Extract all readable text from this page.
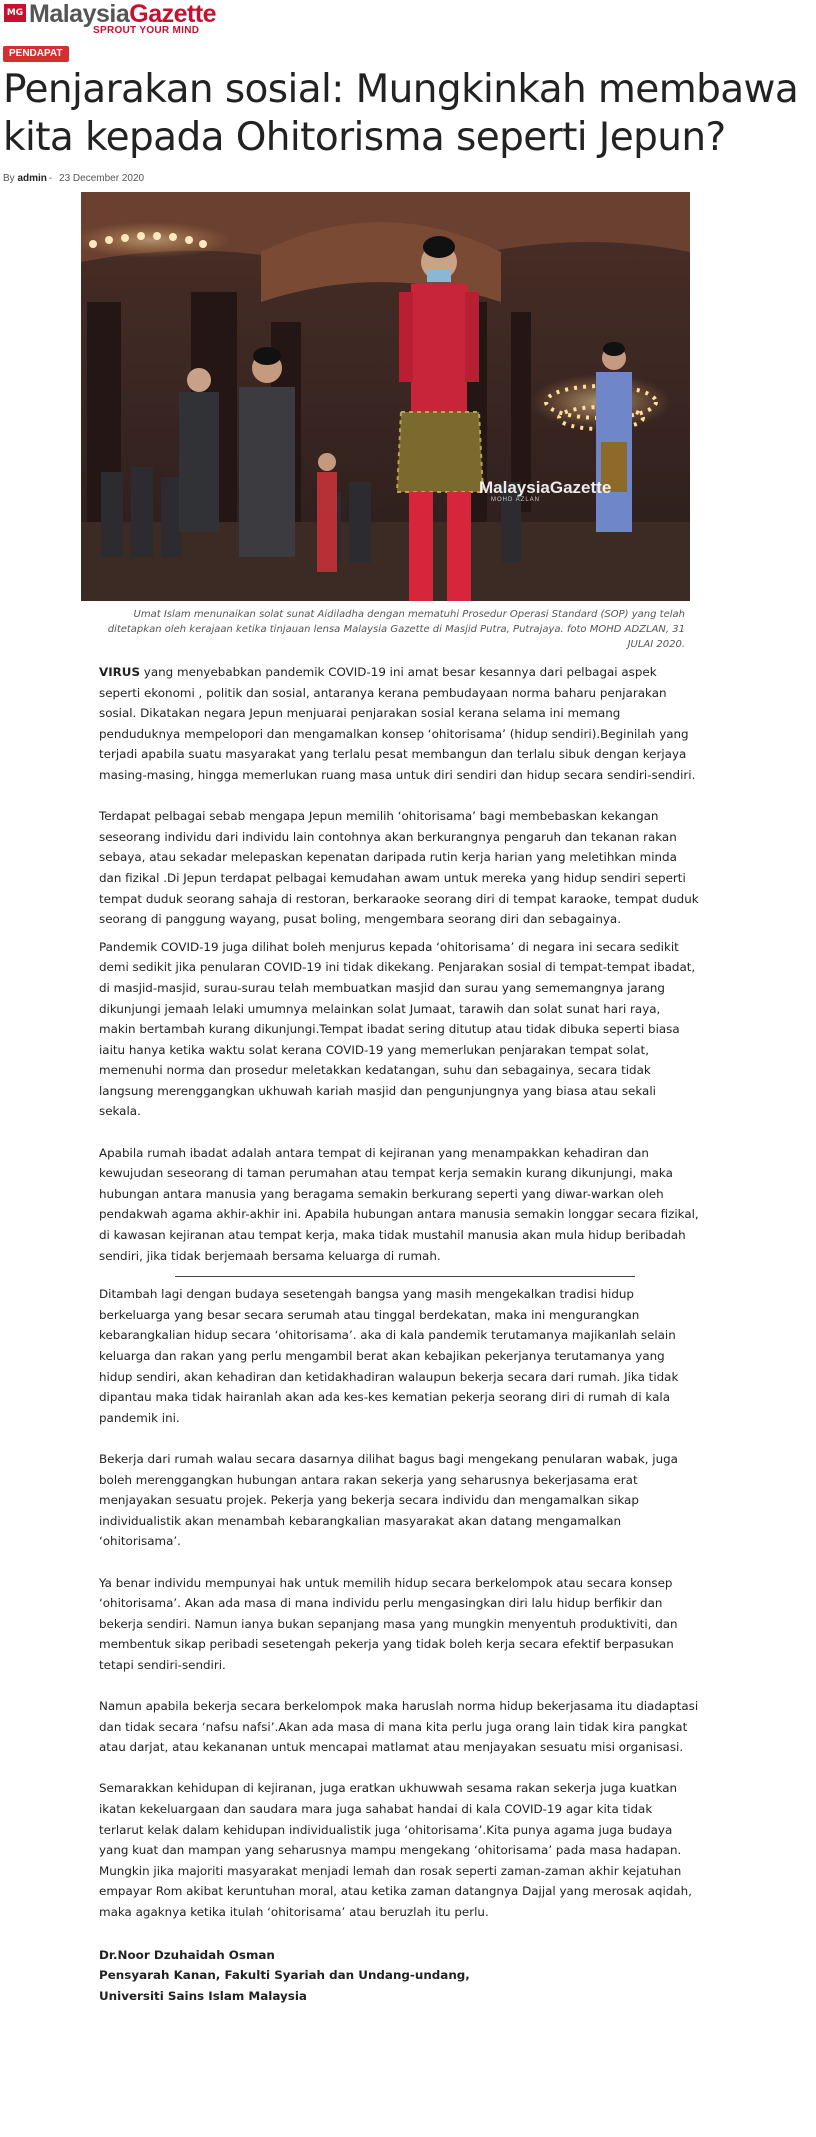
MG MalaysiaGazette
SPROUT YOUR MIND
PENDAPAT
Penjarakan sosial: Mungkinkah membawa kita kepada Ohitorisma seperti Jepun?
By admin - 23 December 2020
MalaysiaGazette
MOHD AZLAN

Umat Islam menunaikan solat sunat Aidiladha dengan mematuhi Prosedur Operasi Standard (SOP) yang telah ditetapkan oleh kerajaan ketika tinjauan lensa Malaysia Gazette di Masjid Putra, Putrajaya. foto MOHD ADZLAN, 31 JULAI 2020.

VIRUS yang menyebabkan pandemik COVID-19 ini amat besar kesannya dari pelbagai aspek seperti ekonomi , politik dan sosial, antaranya kerana pembudayaan norma baharu penjarakan sosial. Dikatakan negara Jepun menjuarai penjarakan sosial kerana selama ini memang penduduknya mempelopori dan mengamalkan konsep ‘ohitorisama’ (hidup sendiri).Beginilah yang terjadi apabila suatu masyarakat yang terlalu pesat membangun dan terlalu sibuk dengan kerjaya masing-masing, hingga memerlukan ruang masa untuk diri sendiri dan hidup secara sendiri-sendiri.

Terdapat pelbagai sebab mengapa Jepun memilih ‘ohitorisama’ bagi membebaskan kekangan seseorang individu dari individu lain contohnya akan berkurangnya pengaruh dan tekanan rakan sebaya, atau sekadar melepaskan kepenatan daripada rutin kerja harian yang meletihkan minda dan fizikal .Di Jepun terdapat pelbagai kemudahan awam untuk mereka yang hidup sendiri seperti tempat duduk seorang sahaja di restoran, berkaraoke seorang diri di tempat karaoke, tempat duduk seorang di panggung wayang, pusat boling, mengembara seorang diri dan sebagainya.

Pandemik COVID-19 juga dilihat boleh menjurus kepada ‘ohitorisama’ di negara ini secara sedikit demi sedikit jika penularan COVID-19 ini tidak dikekang. Penjarakan sosial di tempat-tempat ibadat, di masjid-masjid, surau-surau telah membuatkan masjid dan surau yang sememangnya jarang dikunjungi jemaah lelaki umumnya melainkan solat Jumaat, tarawih dan solat sunat hari raya, makin bertambah kurang dikunjungi.Tempat ibadat sering ditutup atau tidak dibuka seperti biasa iaitu hanya ketika waktu solat kerana COVID-19 yang memerlukan penjarakan tempat solat, memenuhi norma dan prosedur meletakkan kedatangan, suhu dan sebagainya, secara tidak langsung merenggangkan ukhuwah kariah masjid dan pengunjungnya yang biasa atau sekali sekala.

Apabila rumah ibadat adalah antara tempat di kejiranan yang menampakkan kehadiran dan kewujudan seseorang di taman perumahan atau tempat kerja semakin kurang dikunjungi, maka hubungan antara manusia yang beragama semakin berkurang seperti yang diwar-warkan oleh pendakwah agama akhir-akhir ini. Apabila hubungan antara manusia semakin longgar secara fizikal, di kawasan kejiranan atau tempat kerja, maka tidak mustahil manusia akan mula hidup beribadah sendiri, jika tidak berjemaah bersama keluarga di rumah.

Ditambah lagi dengan budaya sesetengah bangsa yang masih mengekalkan tradisi hidup berkeluarga yang besar secara serumah atau tinggal berdekatan, maka ini mengurangkan kebarangkalian hidup secara ‘ohitorisama’. aka di kala pandemik terutamanya majikanlah selain keluarga dan rakan yang perlu mengambil berat akan kebajikan pekerjanya terutamanya yang hidup sendiri, akan kehadiran dan ketidakhadiran walaupun bekerja secara dari rumah. Jika tidak dipantau maka tidak hairanlah akan ada kes-kes kematian pekerja seorang diri di rumah di kala pandemik ini.

Bekerja dari rumah walau secara dasarnya dilihat bagus bagi mengekang penularan wabak, juga boleh merenggangkan hubungan antara rakan sekerja yang seharusnya bekerjasama erat menjayakan sesuatu projek. Pekerja yang bekerja secara individu dan mengamalkan sikap individualistik akan menambah kebarangkalian masyarakat akan datang mengamalkan ‘ohitorisama’.

Ya benar individu mempunyai hak untuk memilih hidup secara berkelompok atau secara konsep ‘ohitorisama’. Akan ada masa di mana individu perlu mengasingkan diri lalu hidup berfikir dan bekerja sendiri. Namun ianya bukan sepanjang masa yang mungkin menyentuh produktiviti, dan membentuk sikap peribadi sesetengah pekerja yang tidak boleh kerja secara efektif berpasukan tetapi sendiri-sendiri.

Namun apabila bekerja secara berkelompok maka haruslah norma hidup bekerjasama itu diadaptasi dan tidak secara ‘nafsu nafsi’.Akan ada masa di mana kita perlu juga orang lain tidak kira pangkat atau darjat, atau kekananan untuk mencapai matlamat atau menjayakan sesuatu misi organisasi.

Semarakkan kehidupan di kejiranan, juga eratkan ukhuwwah sesama rakan sekerja juga kuatkan ikatan kekeluargaan dan saudara mara juga sahabat handai di kala COVID-19 agar kita tidak terlarut kelak dalam kehidupan individualistik juga ‘ohitorisama’.Kita punya agama juga budaya yang kuat dan mampan yang seharusnya mampu mengekang ‘ohitorisama’ pada masa hadapan. Mungkin jika majoriti masyarakat menjadi lemah dan rosak seperti zaman-zaman akhir kejatuhan empayar Rom akibat keruntuhan moral, atau ketika zaman datangnya Dajjal yang merosak aqidah, maka agaknya ketika itulah ‘ohitorisama’ atau beruzlah itu perlu.

Dr.Noor Dzuhaidah Osman
Pensyarah Kanan, Fakulti Syariah dan Undang-undang,
Universiti Sains Islam Malaysia
